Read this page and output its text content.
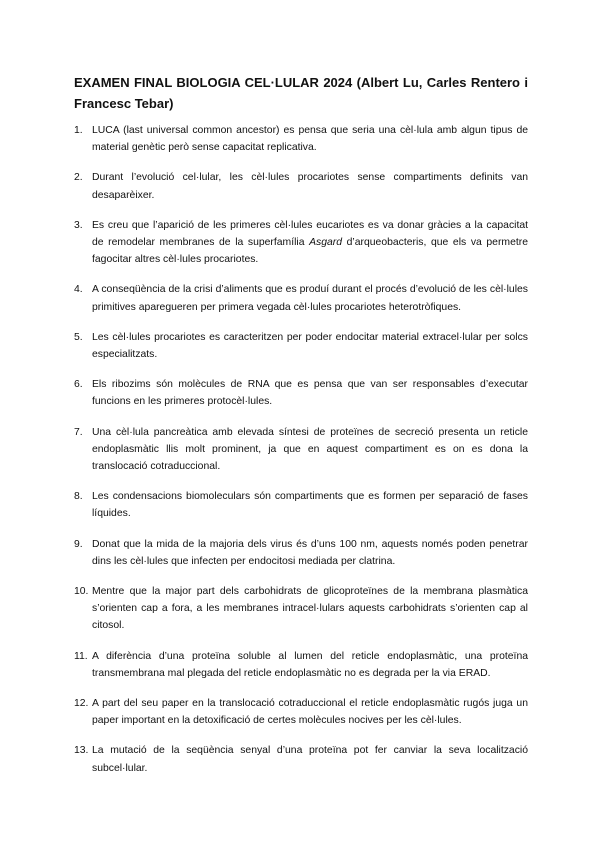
EXAMEN FINAL BIOLOGIA CEL·LULAR 2024 (Albert Lu, Carles Rentero i Francesc Tebar)

1. LUCA (last universal common ancestor) es pensa que seria una cèl·lula amb algun tipus de material genètic però sense capacitat replicativa.
2. Durant l’evolució cel·lular, les cèl·lules procariotes sense compartiments definits van desaparèixer.
3. Es creu que l’aparició de les primeres cèl·lules eucariotes es va donar gràcies a la capacitat de remodelar membranes de la superfamília Asgard d’arqueobacteris, que els va permetre fagocitar altres cèl·lules procariotes.
4. A conseqüència de la crisi d’aliments que es produí durant el procés d’evolució de les cèl·lules primitives aparegueren per primera vegada cèl·lules procariotes heterotròfiques.
5. Les cèl·lules procariotes es caracteritzen per poder endocitar material extracel·lular per solcs especialitzats.
6. Els ribozims són molècules de RNA que es pensa que van ser responsables d’executar funcions en les primeres protocèl·lules.
7. Una cèl·lula pancreàtica amb elevada síntesi de proteïnes de secreció presenta un reticle endoplasmàtic llis molt prominent, ja que en aquest compartiment es on es dona la translocació cotraduccional.
8. Les condensacions biomoleculars són compartiments que es formen per separació de fases líquides.
9. Donat que la mida de la majoria dels virus és d’uns 100 nm, aquests només poden penetrar dins les cèl·lules que infecten per endocitosi mediada per clatrina.
10. Mentre que la major part dels carbohidrats de glicoproteïnes de la membrana plasmàtica s’orienten cap a fora, a les membranes intracel·lulars aquests carbohidrats s’orienten cap al citosol.
11. A diferència d’una proteïna soluble al lumen del reticle endoplasmàtic, una proteïna transmembrana mal plegada del reticle endoplasmàtic no es degrada per la via ERAD.
12. A part del seu paper en la translocació cotraduccional el reticle endoplasmàtic rugós juga un paper important en la detoxificació de certes molècules nocives per les cèl·lules.
13. La mutació de la seqüència senyal d’una proteïna pot fer canviar la seva localització subcel·lular.
